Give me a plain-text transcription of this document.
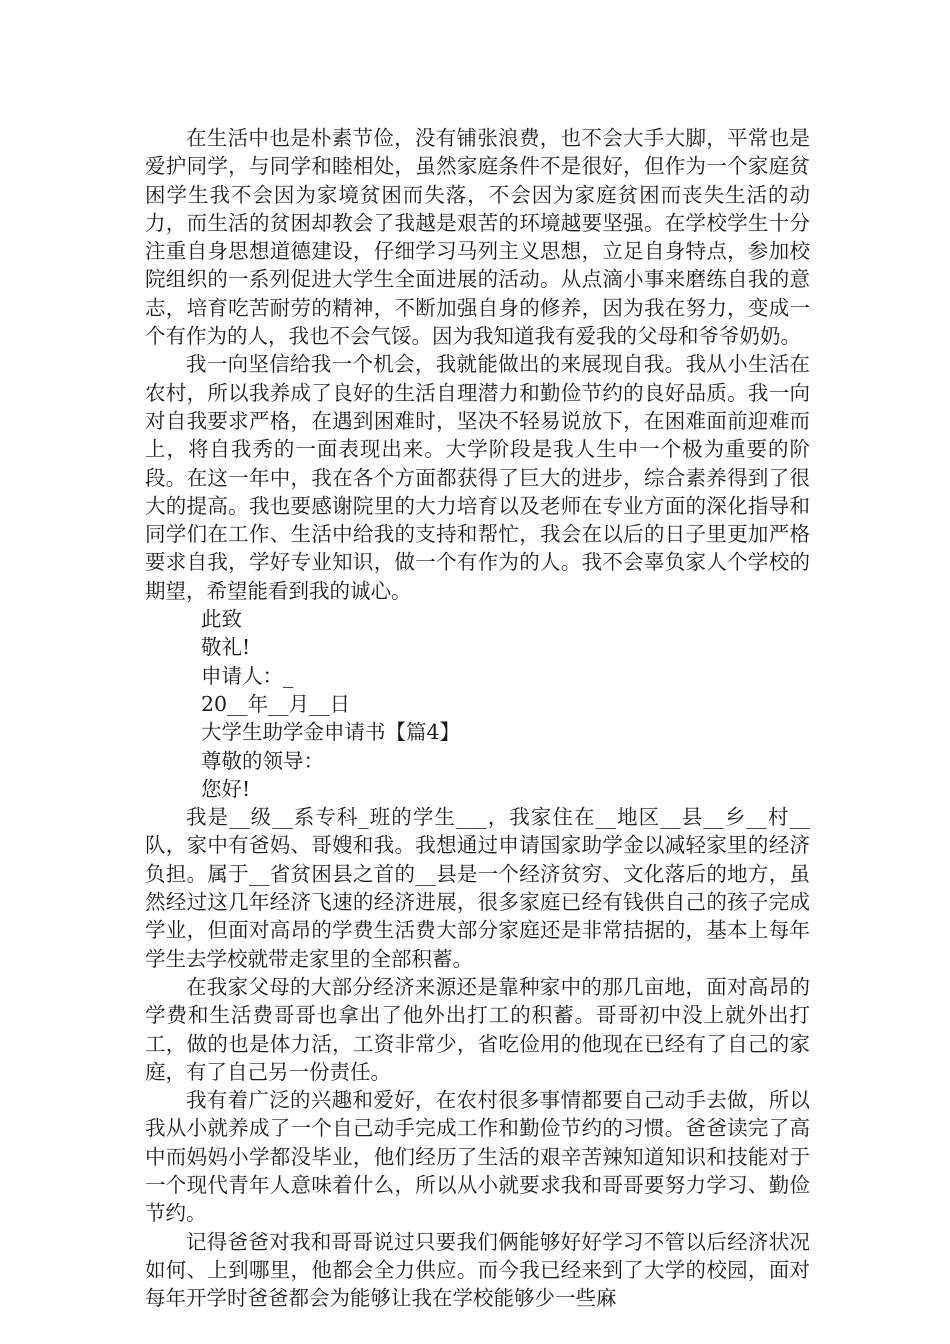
在生活中也是朴素节俭，没有铺张浪费，也不会大手大脚，平常也是爱护同学，与同学和睦相处，虽然家庭条件不是很好，但作为一个家庭贫困学生我不会因为家境贫困而失落，不会因为家庭贫困而丧失生活的动力，而生活的贫困却教会了我越是艰苦的环境越要坚强。在学校学生十分注重自身思想道德建设，仔细学习马列主义思想，立足自身特点，参加校院组织的一系列促进大学生全面进展的活动。从点滴小事来磨练自我的意志，培育吃苦耐劳的精神，不断加强自身的修养，因为我在努力，变成一个有作为的人，我也不会气馁。因为我知道我有爱我的父母和爷爷奶奶。

我一向坚信给我一个机会，我就能做出的来展现自我。我从小生活在农村，所以我养成了良好的生活自理潜力和勤俭节约的良好品质。我一向对自我要求严格，在遇到困难时，坚决不轻易说放下，在困难面前迎难而上，将自我秀的一面表现出来。大学阶段是我人生中一个极为重要的阶段。在这一年中，我在各个方面都获得了巨大的进步，综合素养得到了很大的提高。我也要感谢院里的大力培育以及老师在专业方面的深化指导和同学们在工作、生活中给我的支持和帮忙，我会在以后的日子里更加严格要求自我，学好专业知识，做一个有作为的人。我不会辜负家人个学校的期望，希望能看到我的诚心。

此致

敬礼!

申请人：_

20__年__月__日

大学生助学金申请书【篇4】

尊敬的领导：

您好!

我是__级__系专科_班的学生___，我家住在__地区__县__乡__村__队，家中有爸妈、哥嫂和我。我想通过申请国家助学金以减轻家里的经济负担。属于__省贫困县之首的__县是一个经济贫穷、文化落后的地方，虽然经过这几年经济飞速的经济进展，很多家庭已经有钱供自己的孩子完成学业，但面对高昂的学费生活费大部分家庭还是非常拮据的，基本上每年学生去学校就带走家里的全部积蓄。

在我家父母的大部分经济来源还是靠种家中的那几亩地，面对高昂的学费和生活费哥哥也拿出了他外出打工的积蓄。哥哥初中没上就外出打工，做的也是体力活，工资非常少，省吃俭用的他现在已经有了自己的家庭，有了自己另一份责任。

我有着广泛的兴趣和爱好，在农村很多事情都要自己动手去做，所以我从小就养成了一个自己动手完成工作和勤俭节约的习惯。爸爸读完了高中而妈妈小学都没毕业，他们经历了生活的艰辛苦辣知道知识和技能对于一个现代青年人意味着什么，所以从小就要求我和哥哥要努力学习、勤俭节约。

记得爸爸对我和哥哥说过只要我们俩能够好好学习不管以后经济状况如何、上到哪里，他都会全力供应。而今我已经来到了大学的校园，面对每年开学时爸爸都会为能够让我在学校能够少一些麻
